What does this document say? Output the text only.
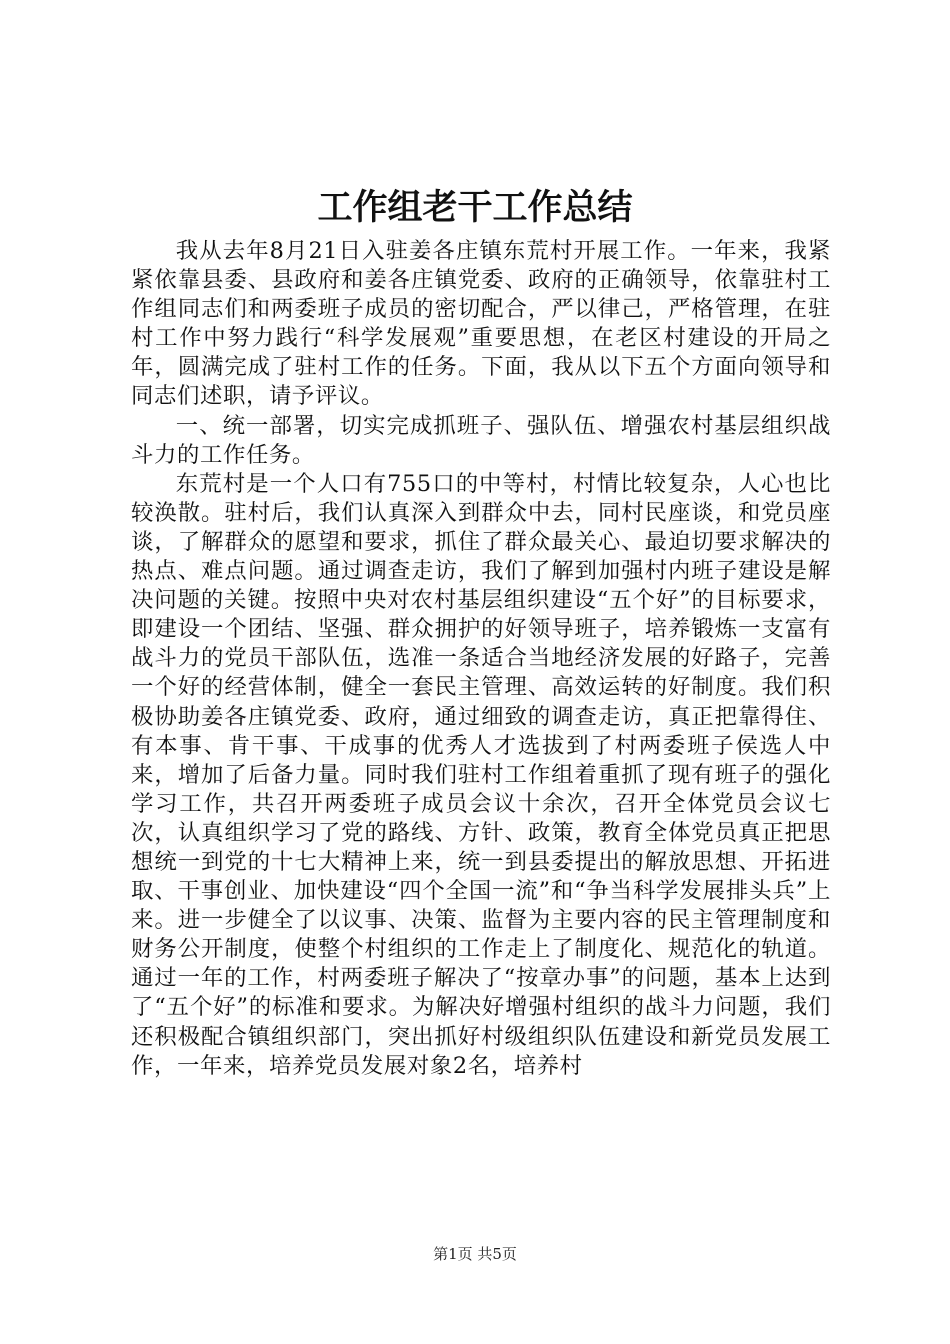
工作组老干工作总结

我从去年8月21日入驻姜各庄镇东荒村开展工作。一年来，我紧紧依靠县委、县政府和姜各庄镇党委、政府的正确领导，依靠驻村工作组同志们和两委班子成员的密切配合，严以律己，严格管理，在驻村工作中努力践行“科学发展观”重要思想，在老区村建设的开局之年，圆满完成了驻村工作的任务。下面，我从以下五个方面向领导和同志们述职，请予评议。

一、统一部署，切实完成抓班子、强队伍、增强农村基层组织战斗力的工作任务。

东荒村是一个人口有755口的中等村，村情比较复杂，人心也比较涣散。驻村后，我们认真深入到群众中去，同村民座谈，和党员座谈，了解群众的愿望和要求，抓住了群众最关心、最迫切要求解决的热点、难点问题。通过调查走访，我们了解到加强村内班子建设是解决问题的关键。按照中央对农村基层组织建设“五个好”的目标要求，即建设一个团结、坚强、群众拥护的好领导班子，培养锻炼一支富有战斗力的党员干部队伍，选准一条适合当地经济发展的好路子，完善一个好的经营体制，健全一套民主管理、高效运转的好制度。我们积极协助姜各庄镇党委、政府，通过细致的调查走访，真正把靠得住、有本事、肯干事、干成事的优秀人才选拔到了村两委班子侯选人中来，增加了后备力量。同时我们驻村工作组着重抓了现有班子的强化学习工作，共召开两委班子成员会议十余次，召开全体党员会议七次，认真组织学习了党的路线、方针、政策，教育全体党员真正把思想统一到党的十七大精神上来，统一到县委提出的解放思想、开拓进取、干事创业、加快建设“四个全国一流”和“争当科学发展排头兵”上来。进一步健全了以议事、决策、监督为主要内容的民主管理制度和财务公开制度，使整个村组织的工作走上了制度化、规范化的轨道。通过一年的工作，村两委班子解决了“按章办事”的问题，基本上达到了“五个好”的标准和要求。为解决好增强村组织的战斗力问题，我们还积极配合镇组织部门，突出抓好村级组织队伍建设和新党员发展工作，一年来，培养党员发展对象2名，培养村

第1页 共5页
